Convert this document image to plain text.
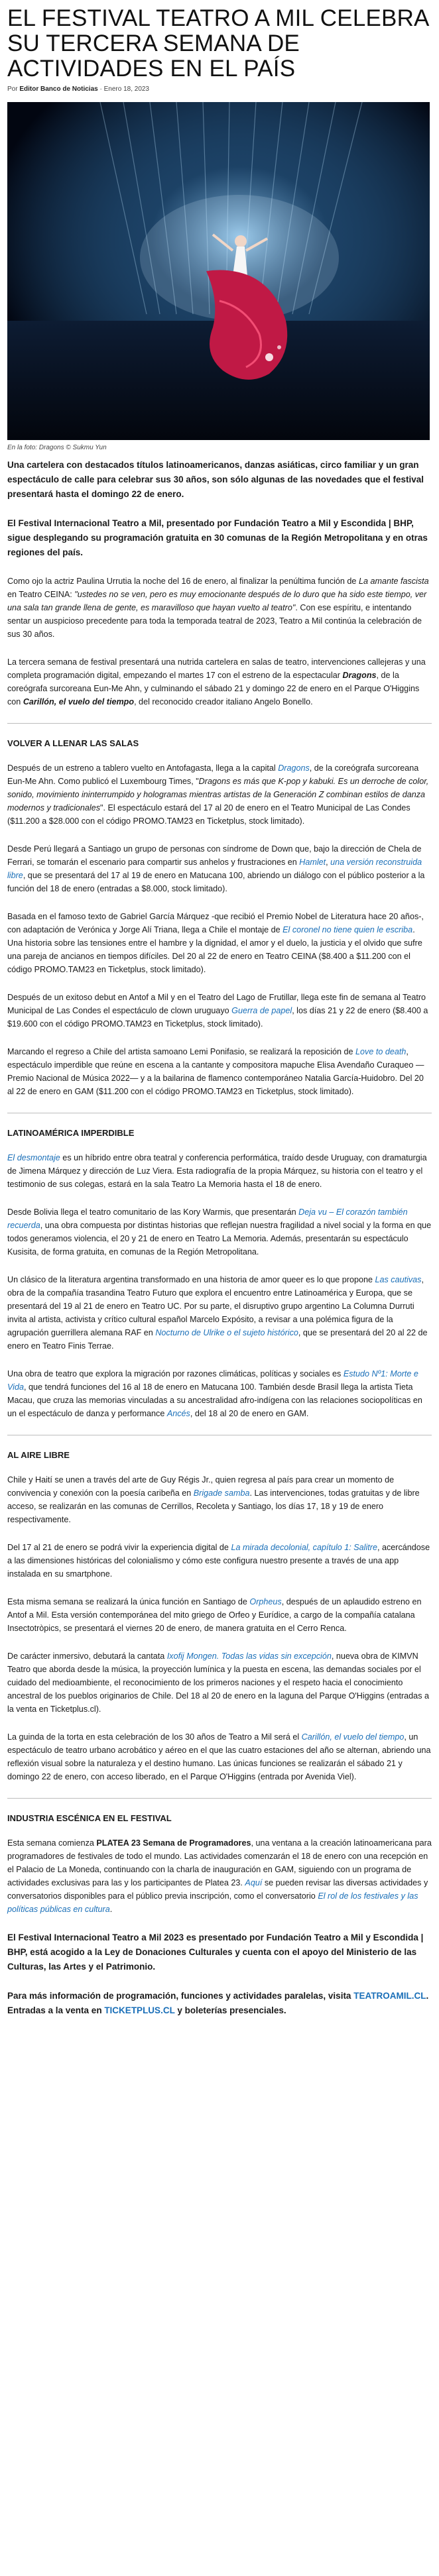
EL FESTIVAL TEATRO A MIL CELEBRA SU TERCERA SEMANA DE ACTIVIDADES EN EL PAÍS
Por Editor Banco de Noticias · Enero 18, 2023
En la foto: Dragons © Sukmu Yun

Una cartelera con destacados títulos latinoamericanos, danzas asiáticas, circo familiar y un gran espectáculo de calle para celebrar sus 30 años, son sólo algunas de las novedades que el festival presentará hasta el domingo 22 de enero.

El Festival Internacional Teatro a Mil, presentado por Fundación Teatro a Mil y Escondida | BHP, sigue desplegando su programación gratuita en 30 comunas de la Región Metropolitana y en otras regiones del país.

Como ojo la actriz Paulina Urrutia la noche del 16 de enero, al finalizar la penúltima función de La amante fascista en Teatro CEINA: "ustedes no se ven, pero es muy emocionante después de lo duro que ha sido este tiempo, ver una sala tan grande llena de gente, es maravilloso que hayan vuelto al teatro". Con ese espíritu, e intentando sentar un auspicioso precedente para toda la temporada teatral de 2023, Teatro a Mil continúa la celebración de sus 30 años.

La tercera semana de festival presentará una nutrida cartelera en salas de teatro, intervenciones callejeras y una completa programación digital, empezando el martes 17 con el estreno de la espectacular Dragons, de la coreógrafa surcoreana Eun-Me Ahn, y culminando el sábado 21 y domingo 22 de enero en el Parque O'Higgins con Carillón, el vuelo del tiempo, del reconocido creador italiano Angelo Bonello.

VOLVER A LLENAR LAS SALAS

Después de un estreno a tablero vuelto en Antofagasta, llega a la capital Dragons, de la coreógrafa surcoreana Eun-Me Ahn. Como publicó el Luxembourg Times, "Dragons es más que K-pop y kabuki. Es un derroche de color, sonido, movimiento ininterrumpido y hologramas mientras artistas de la Generación Z combinan estilos de danza modernos y tradicionales". El espectáculo estará del 17 al 20 de enero en el Teatro Municipal de Las Condes ($11.200 a $28.000 con el código PROMO.TAM23 en Ticketplus, stock limitado).

Desde Perú llegará a Santiago un grupo de personas con síndrome de Down que, bajo la dirección de Chela de Ferrari, se tomarán el escenario para compartir sus anhelos y frustraciones en Hamlet, una versión reconstruida libre, que se presentará del 17 al 19 de enero en Matucana 100, abriendo un diálogo con el público posterior a la función del 18 de enero (entradas a $8.000, stock limitado).

Basada en el famoso texto de Gabriel García Márquez -que recibió el Premio Nobel de Literatura hace 20 años-, con adaptación de Verónica y Jorge Alí Triana, llega a Chile el montaje de El coronel no tiene quien le escriba. Una historia sobre las tensiones entre el hambre y la dignidad, el amor y el duelo, la justicia y el olvido que sufre una pareja de ancianos en tiempos difíciles. Del 20 al 22 de enero en Teatro CEINA ($8.400 a $11.200 con el código PROMO.TAM23 en Ticketplus, stock limitado).

Después de un exitoso debut en Antof a Mil y en el Teatro del Lago de Frutillar, llega este fin de semana al Teatro Municipal de Las Condes el espectáculo de clown uruguayo Guerra de papel, los días 21 y 22 de enero ($8.400 a $19.600 con el código PROMO.TAM23 en Ticketplus, stock limitado).

Marcando el regreso a Chile del artista samoano Lemi Ponifasio, se realizará la reposición de Love to death, espectáculo imperdible que reúne en escena a la cantante y compositora mapuche Elisa Avendaño Curaqueo —Premio Nacional de Música 2022— y a la bailarina de flamenco contemporáneo Natalia García-Huidobro. Del 20 al 22 de enero en GAM ($11.200 con el código PROMO.TAM23 en Ticketplus, stock limitado).

LATINOAMÉRICA IMPERDIBLE

El desmontaje es un híbrido entre obra teatral y conferencia performática, traído desde Uruguay, con dramaturgia de Jimena Márquez y dirección de Luz Viera. Esta radiografía de la propia Márquez, su historia con el teatro y el testimonio de sus colegas, estará en la sala Teatro La Memoria hasta el 18 de enero.

Desde Bolivia llega el teatro comunitario de las Kory Warmis, que presentarán Deja vu – El corazón también recuerda, una obra compuesta por distintas historias que reflejan nuestra fragilidad a nivel social y la forma en que todos generamos violencia, el 20 y 21 de enero en Teatro La Memoria. Además, presentarán su espectáculo Kusisita, de forma gratuita, en comunas de la Región Metropolitana.

Un clásico de la literatura argentina transformado en una historia de amor queer es lo que propone Las cautivas, obra de la compañía trasandina Teatro Futuro que explora el encuentro entre Latinoamérica y Europa, que se presentará del 19 al 21 de enero en Teatro UC. Por su parte, el disruptivo grupo argentino La Columna Durruti invita al artista, activista y crítico cultural español Marcelo Expósito, a revisar a una polémica figura de la agrupación guerrillera alemana RAF en Nocturno de Ulrike o el sujeto histórico, que se presentará del 20 al 22 de enero en Teatro Finis Terrae.

Una obra de teatro que explora la migración por razones climáticas, políticas y sociales es Estudo Nº1: Morte e Vida, que tendrá funciones del 16 al 18 de enero en Matucana 100. También desde Brasil llega la artista Tieta Macau, que cruza las memorias vinculadas a su ancestralidad afro-indígena con las relaciones sociopolíticas en un el espectáculo de danza y performance Ancés, del 18 al 20 de enero en GAM.

AL AIRE LIBRE

Chile y Haití se unen a través del arte de Guy Régis Jr., quien regresa al país para crear un momento de convivencia y conexión con la poesía caribeña en Brigade samba. Las intervenciones, todas gratuitas y de libre acceso, se realizarán en las comunas de Cerrillos, Recoleta y Santiago, los días 17, 18 y 19 de enero respectivamente.

Del 17 al 21 de enero se podrá vivir la experiencia digital de La mirada decolonial, capítulo 1: Salitre, acercándose a las dimensiones históricas del colonialismo y cómo este configura nuestro presente a través de una app instalada en su smartphone.

Esta misma semana se realizará la única función en Santiago de Orpheus, después de un aplaudido estreno en Antof a Mil. Esta versión contemporánea del mito griego de Orfeo y Eurídice, a cargo de la compañía catalana Insectotròpics, se presentará el viernes 20 de enero, de manera gratuita en el Cerro Renca.

De carácter inmersivo, debutará la cantata Ixofij Mongen. Todas las vidas sin excepción, nueva obra de KIMVN Teatro que aborda desde la música, la proyección lumínica y la puesta en escena, las demandas sociales por el cuidado del medioambiente, el reconocimiento de los primeros naciones y el respeto hacia el conocimiento ancestral de los pueblos originarios de Chile. Del 18 al 20 de enero en la laguna del Parque O'Higgins (entradas a la venta en Ticketplus.cl).

La guinda de la torta en esta celebración de los 30 años de Teatro a Mil será el Carillón, el vuelo del tiempo, un espectáculo de teatro urbano acrobático y aéreo en el que las cuatro estaciones del año se alternan, abriendo una reflexión visual sobre la naturaleza y el destino humano. Las únicas funciones se realizarán el sábado 21 y domingo 22 de enero, con acceso liberado, en el Parque O'Higgins (entrada por Avenida Viel).

INDUSTRIA ESCÉNICA EN EL FESTIVAL

Esta semana comienza PLATEA 23 Semana de Programadores, una ventana a la creación latinoamericana para programadores de festivales de todo el mundo. Las actividades comenzarán el 18 de enero con una recepción en el Palacio de La Moneda, continuando con la charla de inauguración en GAM, siguiendo con un programa de actividades exclusivas para las y los participantes de Platea 23. Aquí se pueden revisar las diversas actividades y conversatorios disponibles para el público previa inscripción, como el conversatorio El rol de los festivales y las políticas públicas en cultura.

El Festival Internacional Teatro a Mil 2023 es presentado por Fundación Teatro a Mil y Escondida | BHP, está acogido a la Ley de Donaciones Culturales y cuenta con el apoyo del Ministerio de las Culturas, las Artes y el Patrimonio.

Para más información de programación, funciones y actividades paralelas, visita TEATROAMIL.CL. Entradas a la venta en TICKETPLUS.CL y boleterías presenciales.
